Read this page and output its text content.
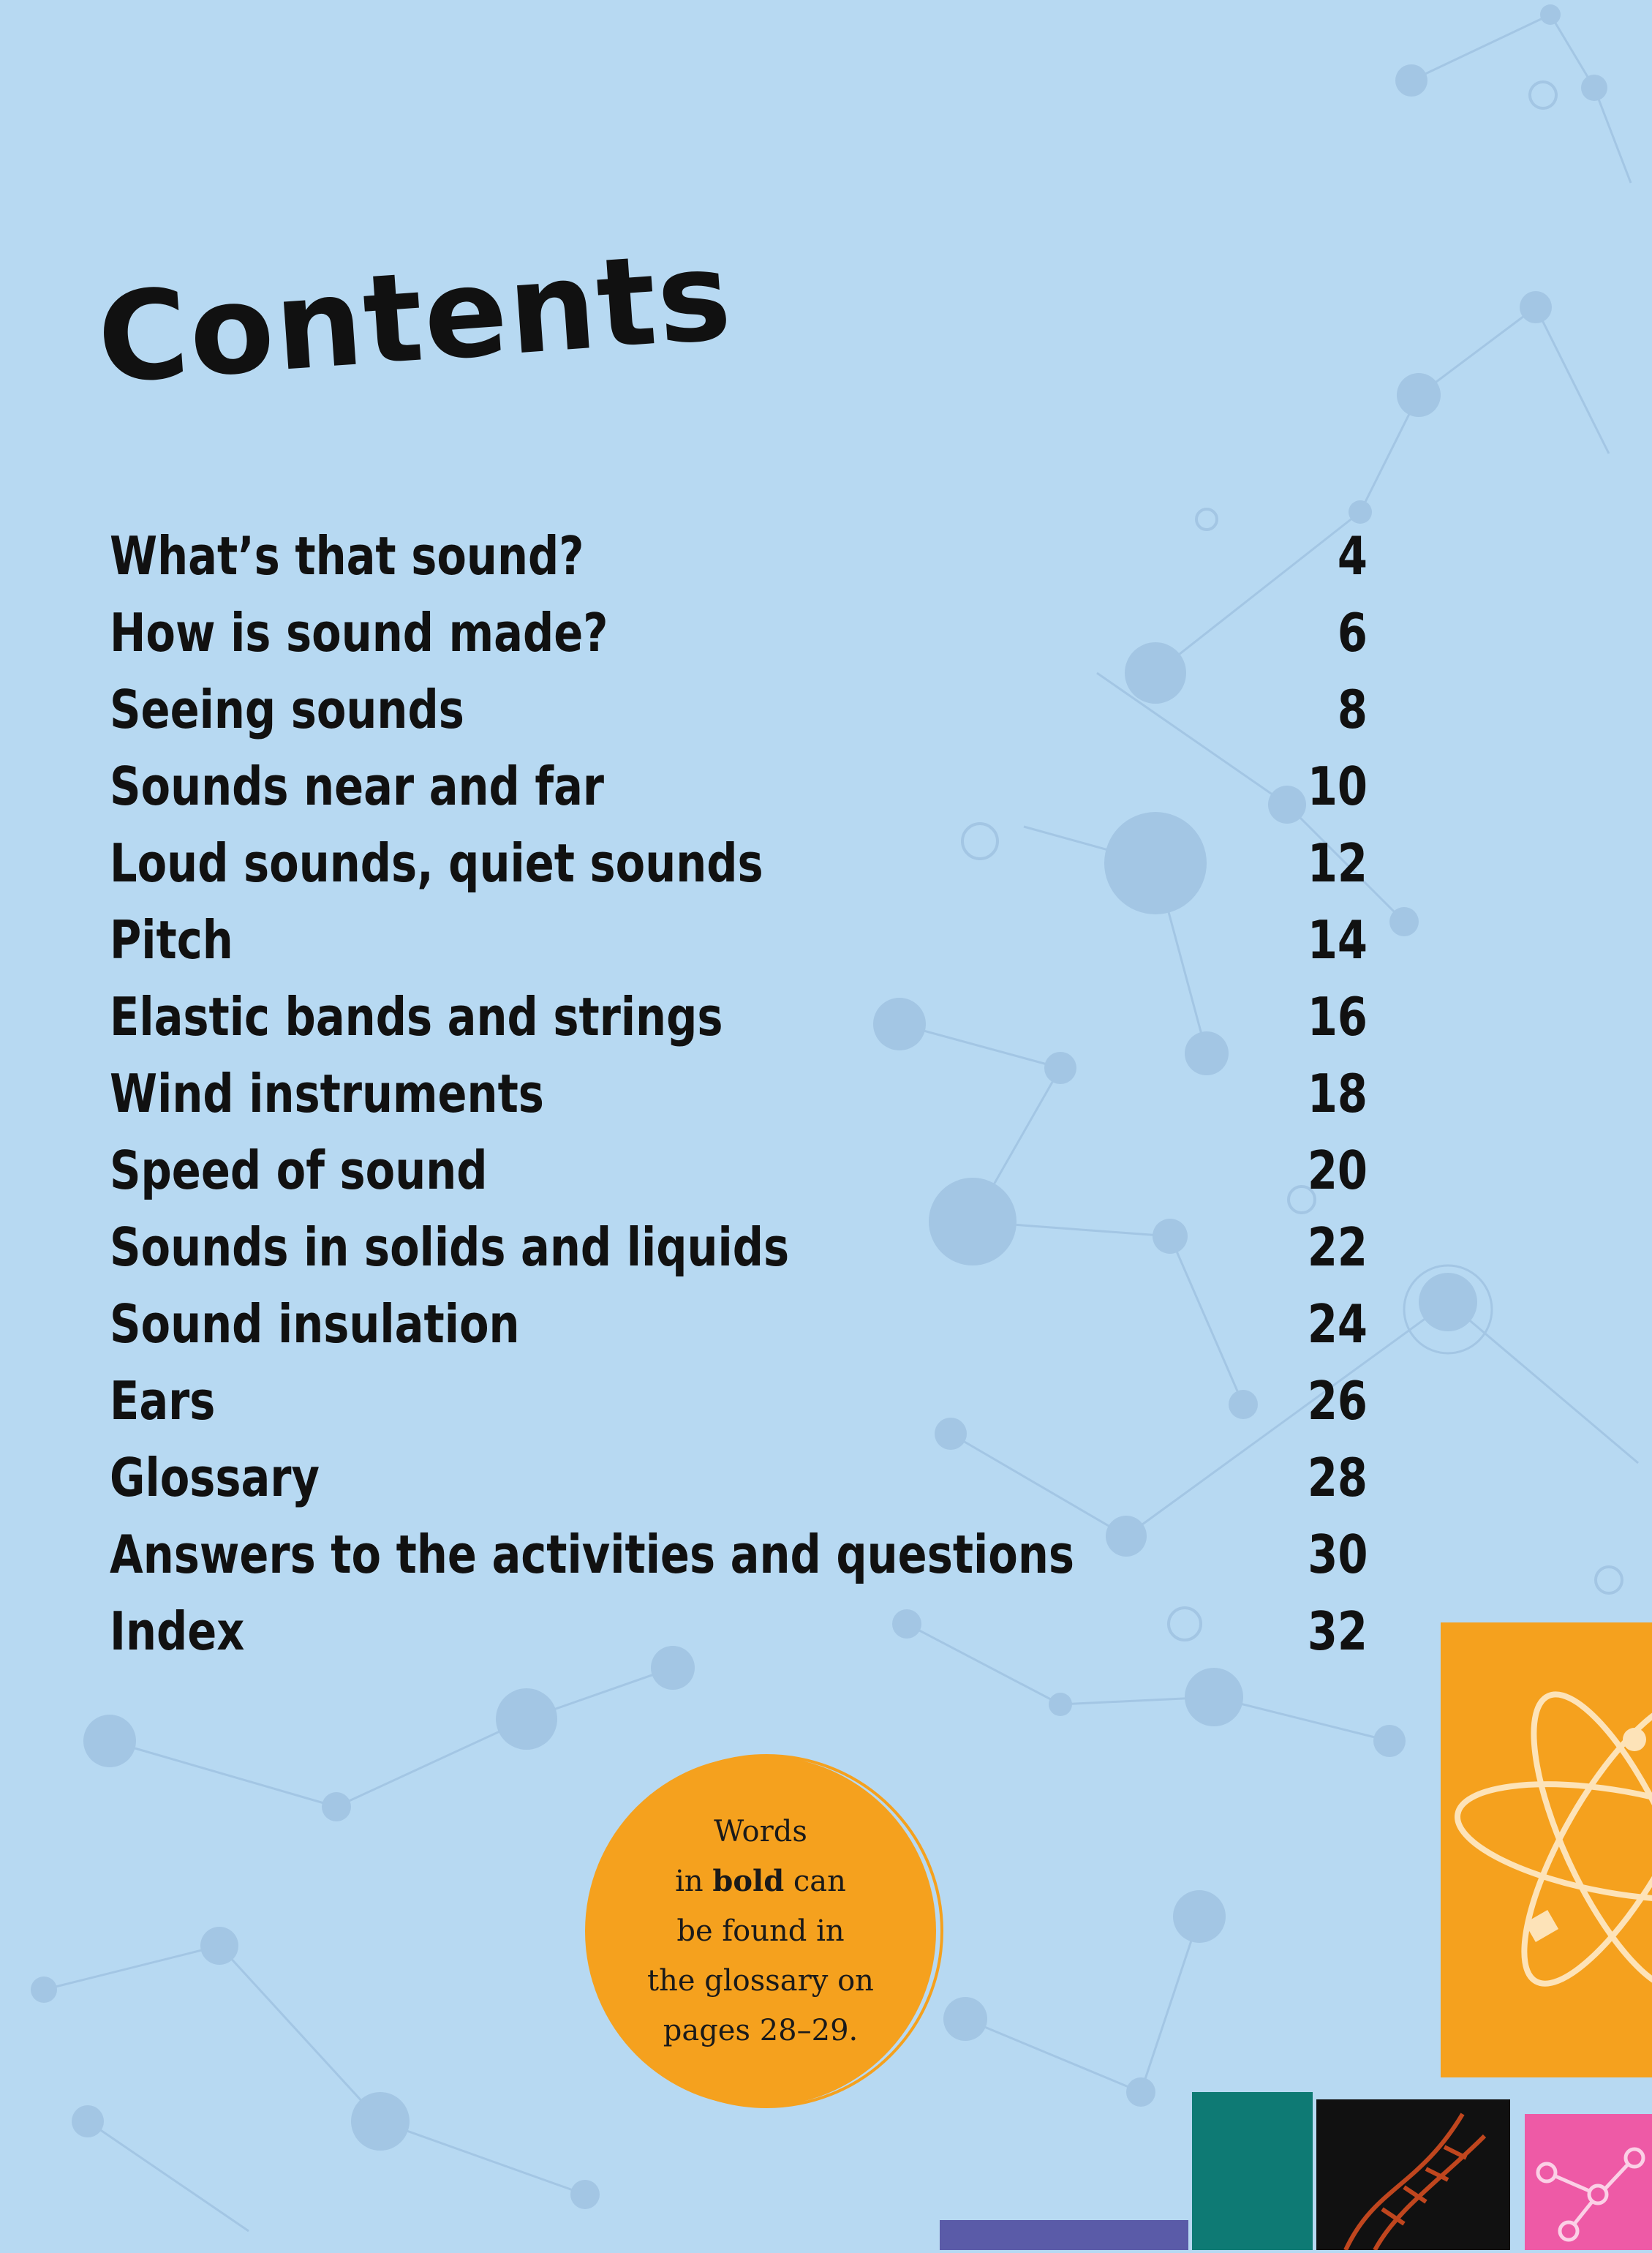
Contents
What’s that sound?	4
How is sound made?	6
Seeing sounds	8
Sounds near and far	10
Loud sounds, quiet sounds	12
Pitch	14
Elastic bands and strings	16
Wind instruments	18
Speed of sound	20
Sounds in solids and liquids	22
Sound insulation	24
Ears	26
Glossary	28
Answers to the activities and questions	30
Index	32
Words
in bold can
be found in
the glossary on
pages 28–29.
